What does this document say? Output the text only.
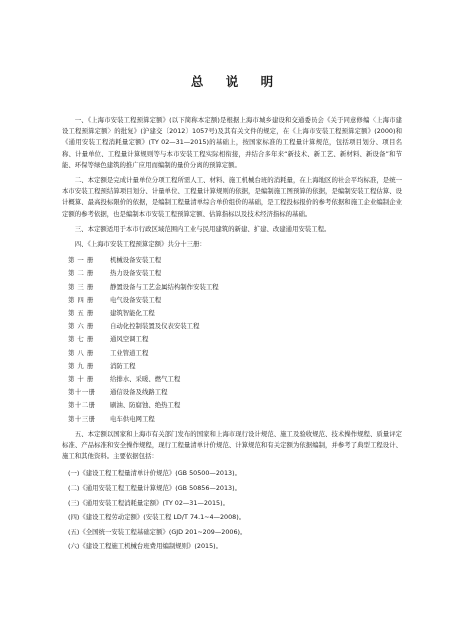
总 说 明

一、《上海市安装工程预算定额》(以下简称本定额)是根据上海市城乡建设和交通委员会《关于同意修编〈上海市建设工程预算定额〉的批复》(沪建交〔2012〕1057号)及其有关文件的规定，在《上海市安装工程预算定额》(2000)和《通用安装工程消耗量定额》(TY 02—31—2015)的基础上，按国家标准的工程量计算规范，包括项目划分、项目名称、计量单位、工程量计算规则等与本市安装工程实际相衔接，并结合多年来“新技术、新工艺、新材料、新设备”和节能、环保等绿色建筑的推广应用而编制的量价分离的预算定额。

二、本定额是完成计量单位分项工程所需人工、材料、施工机械台班的消耗量，在上海地区的社会平均标准，是统一本市安装工程预结算项目划分、计量单位、工程量计算规则的依据，是编制施工图预算的依据，是编制安装工程估算、设计概算、最高投标限价的依据，是编制工程量清单综合单价组价的基础，是工程投标报价的参考依据和施工企业编制企业定额的参考依据，也是编制本市安装工程预算定额、估算指标以及技术经济指标的基础。

三、本定额适用于本市行政区域范围内工业与民用建筑的新建、扩建、改建通用安装工程。

四、《上海市安装工程预算定额》共分十三册：

第 一 册	机械设备安装工程
第 二 册	热力设备安装工程
第 三 册	静置设备与工艺金属结构制作安装工程
第 四 册	电气设备安装工程
第 五 册	建筑智能化工程
第 六 册	自动化控制装置及仪表安装工程
第 七 册	通风空调工程
第 八 册	工业管道工程
第 九 册	消防工程
第 十 册	给排水、采暖、燃气工程
第十一册	通信设备及线路工程
第十二册	刷油、防腐蚀、绝热工程
第十三册	电车供电网工程

五、本定额以国家和上海市有关部门发布的国家和上海市现行设计规范、施工及验收规范、技术操作规程、质量评定标准、产品标准和安全操作规程，现行工程量清单计价规范、计算规范和有关定额为依据编制，并参考了典型工程设计、施工和其他资料。主要依据包括：

(一)《建设工程工程量清单计价规范》(GB 50500—2013)。
(二)《通用安装工程工程量计算规范》(GB 50856—2013)。
(三)《通用安装工程消耗量定额》(TY 02—31—2015)。
(四)《建设工程劳动定额》(安装工程 LD/T 74.1~4—2008)。
(五)《全国统一安装工程基础定额》(GJD 201~209—2006)。
(六)《建设工程施工机械台班费用编制规则》(2015)。
